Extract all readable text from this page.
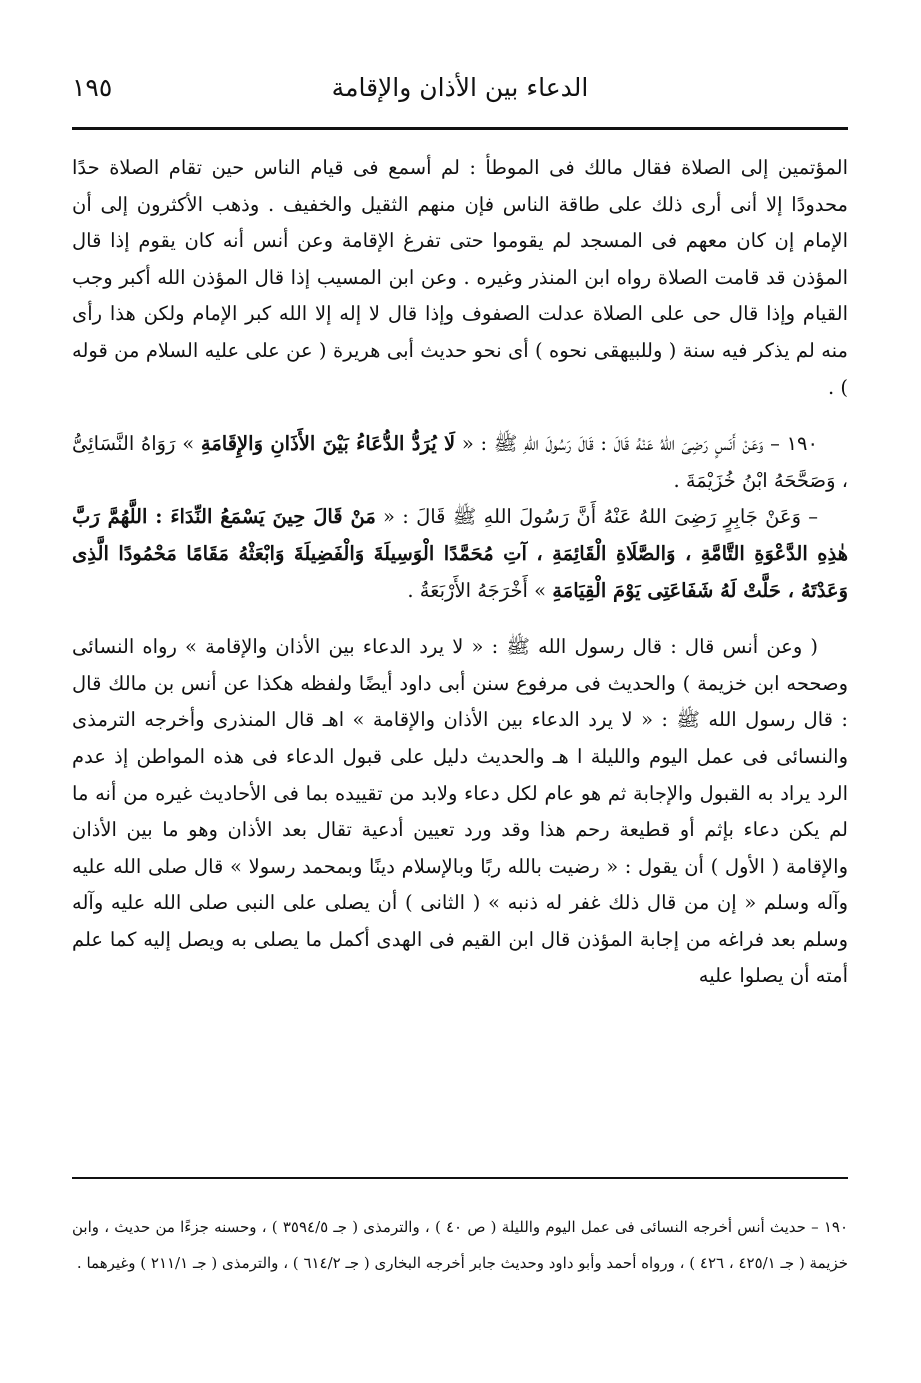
١٩٥	الدعاء بين الأذان والإقامة

المؤتمين إلى الصلاة فقال مالك فى الموطأ : لم أسمع فى قيام الناس حين تقام الصلاة حدًا محدودًا إلا أنى أرى ذلك على طاقة الناس فإن منهم الثقيل والخفيف . وذهب الأكثرون إلى أن الإمام إن كان معهم فى المسجد لم يقوموا حتى تفرغ الإقامة وعن أنس أنه كان يقوم إذا قال المؤذن قد قامت الصلاة رواه ابن المنذر وغيره . وعن ابن المسيب إذا قال المؤذن الله أكبر وجب القيام وإذا قال حى على الصلاة عدلت الصفوف وإذا قال لا إله إلا الله كبر الإمام ولكن هذا رأى منه لم يذكر فيه سنة ( وللبيهقى نحوه ) أى نحو حديث أبى هريرة ( عن على عليه السلام من قوله ) .

١٩٠ – وَعَنْ أَنَسٍ رَضِىَ اللهُ عَنْهُ قَالَ : قَالَ رَسُولَ اللهِ ﷺ : « لَا يُرَدُّ الدُّعَاءُ بَيْنَ الأَذَانِ وَالإِقَامَةِ » رَوَاهُ النَّسَائِىُّ ، وَصَحَّحَهُ ابْنُ خُزَيْمَةَ .

– وَعَنْ جَابِرٍ رَضِىَ اللهُ عَنْهُ أَنَّ رَسُولَ اللهِ ﷺ قَالَ : « مَنْ قَالَ حِينَ يَسْمَعُ النِّدَاءَ : اللَّهُمَّ رَبَّ هٰذِهِ الدَّعْوَةِ التَّامَّةِ ، وَالصَّلَاةِ الْقَائِمَةِ ، آتِ مُحَمَّدًا الْوَسِيلَةَ وَالْفَضِيلَةَ وَابْعَثْهُ مَقَامًا مَحْمُودًا الَّذِى وَعَدْتَهُ ، حَلَّتْ لَهُ شَفَاعَتِى يَوْمَ الْقِيَامَةِ » أَخْرَجَهُ الأَرْبَعَةُ .

( وعن أنس قال : قال رسول الله ﷺ : « لا يرد الدعاء بين الأذان والإقامة » رواه النسائى وصححه ابن خزيمة ) والحديث فى مرفوع سنن أبى داود أيضًا ولفظه هكذا عن أنس بن مالك قال : قال رسول الله ﷺ : « لا يرد الدعاء بين الأذان والإقامة » اهـ قال المنذرى وأخرجه الترمذى والنسائى فى عمل اليوم والليلة ا هـ والحديث دليل على قبول الدعاء فى هذه المواطن إذ عدم الرد يراد به القبول والإجابة ثم هو عام لكل دعاء ولابد من تقييده بما فى الأحاديث غيره من أنه ما لم يكن دعاء بإثم أو قطيعة رحم هذا وقد ورد تعيين أدعية تقال بعد الأذان وهو ما بين الأذان والإقامة ( الأول ) أن يقول : « رضيت بالله ربًا وبالإسلام دينًا وبمحمد رسولا » قال صلى الله عليه وآله وسلم « إن من قال ذلك غفر له ذنبه » ( الثانى ) أن يصلى على النبى صلى الله عليه وآله وسلم بعد فراغه من إجابة المؤذن قال ابن القيم فى الهدى أكمل ما يصلى به ويصل إليه كما علم أمته أن يصلوا عليه

١٩٠ – حديث أنس أخرجه النسائى فى عمل اليوم والليلة ( ص ٤٠ ) ، والترمذى ( جـ ٣٥٩٤/٥ ) ، وحسنه جزءًا من حديث ، وابن خزيمة ( جـ ٤٢٥/١ ، ٤٢٦ ) ، ورواه أحمد وأبو داود وحديث جابر أخرجه البخارى ( جـ ٦١٤/٢ ) ، والترمذى ( جـ ٢١١/١ ) وغيرهما .
